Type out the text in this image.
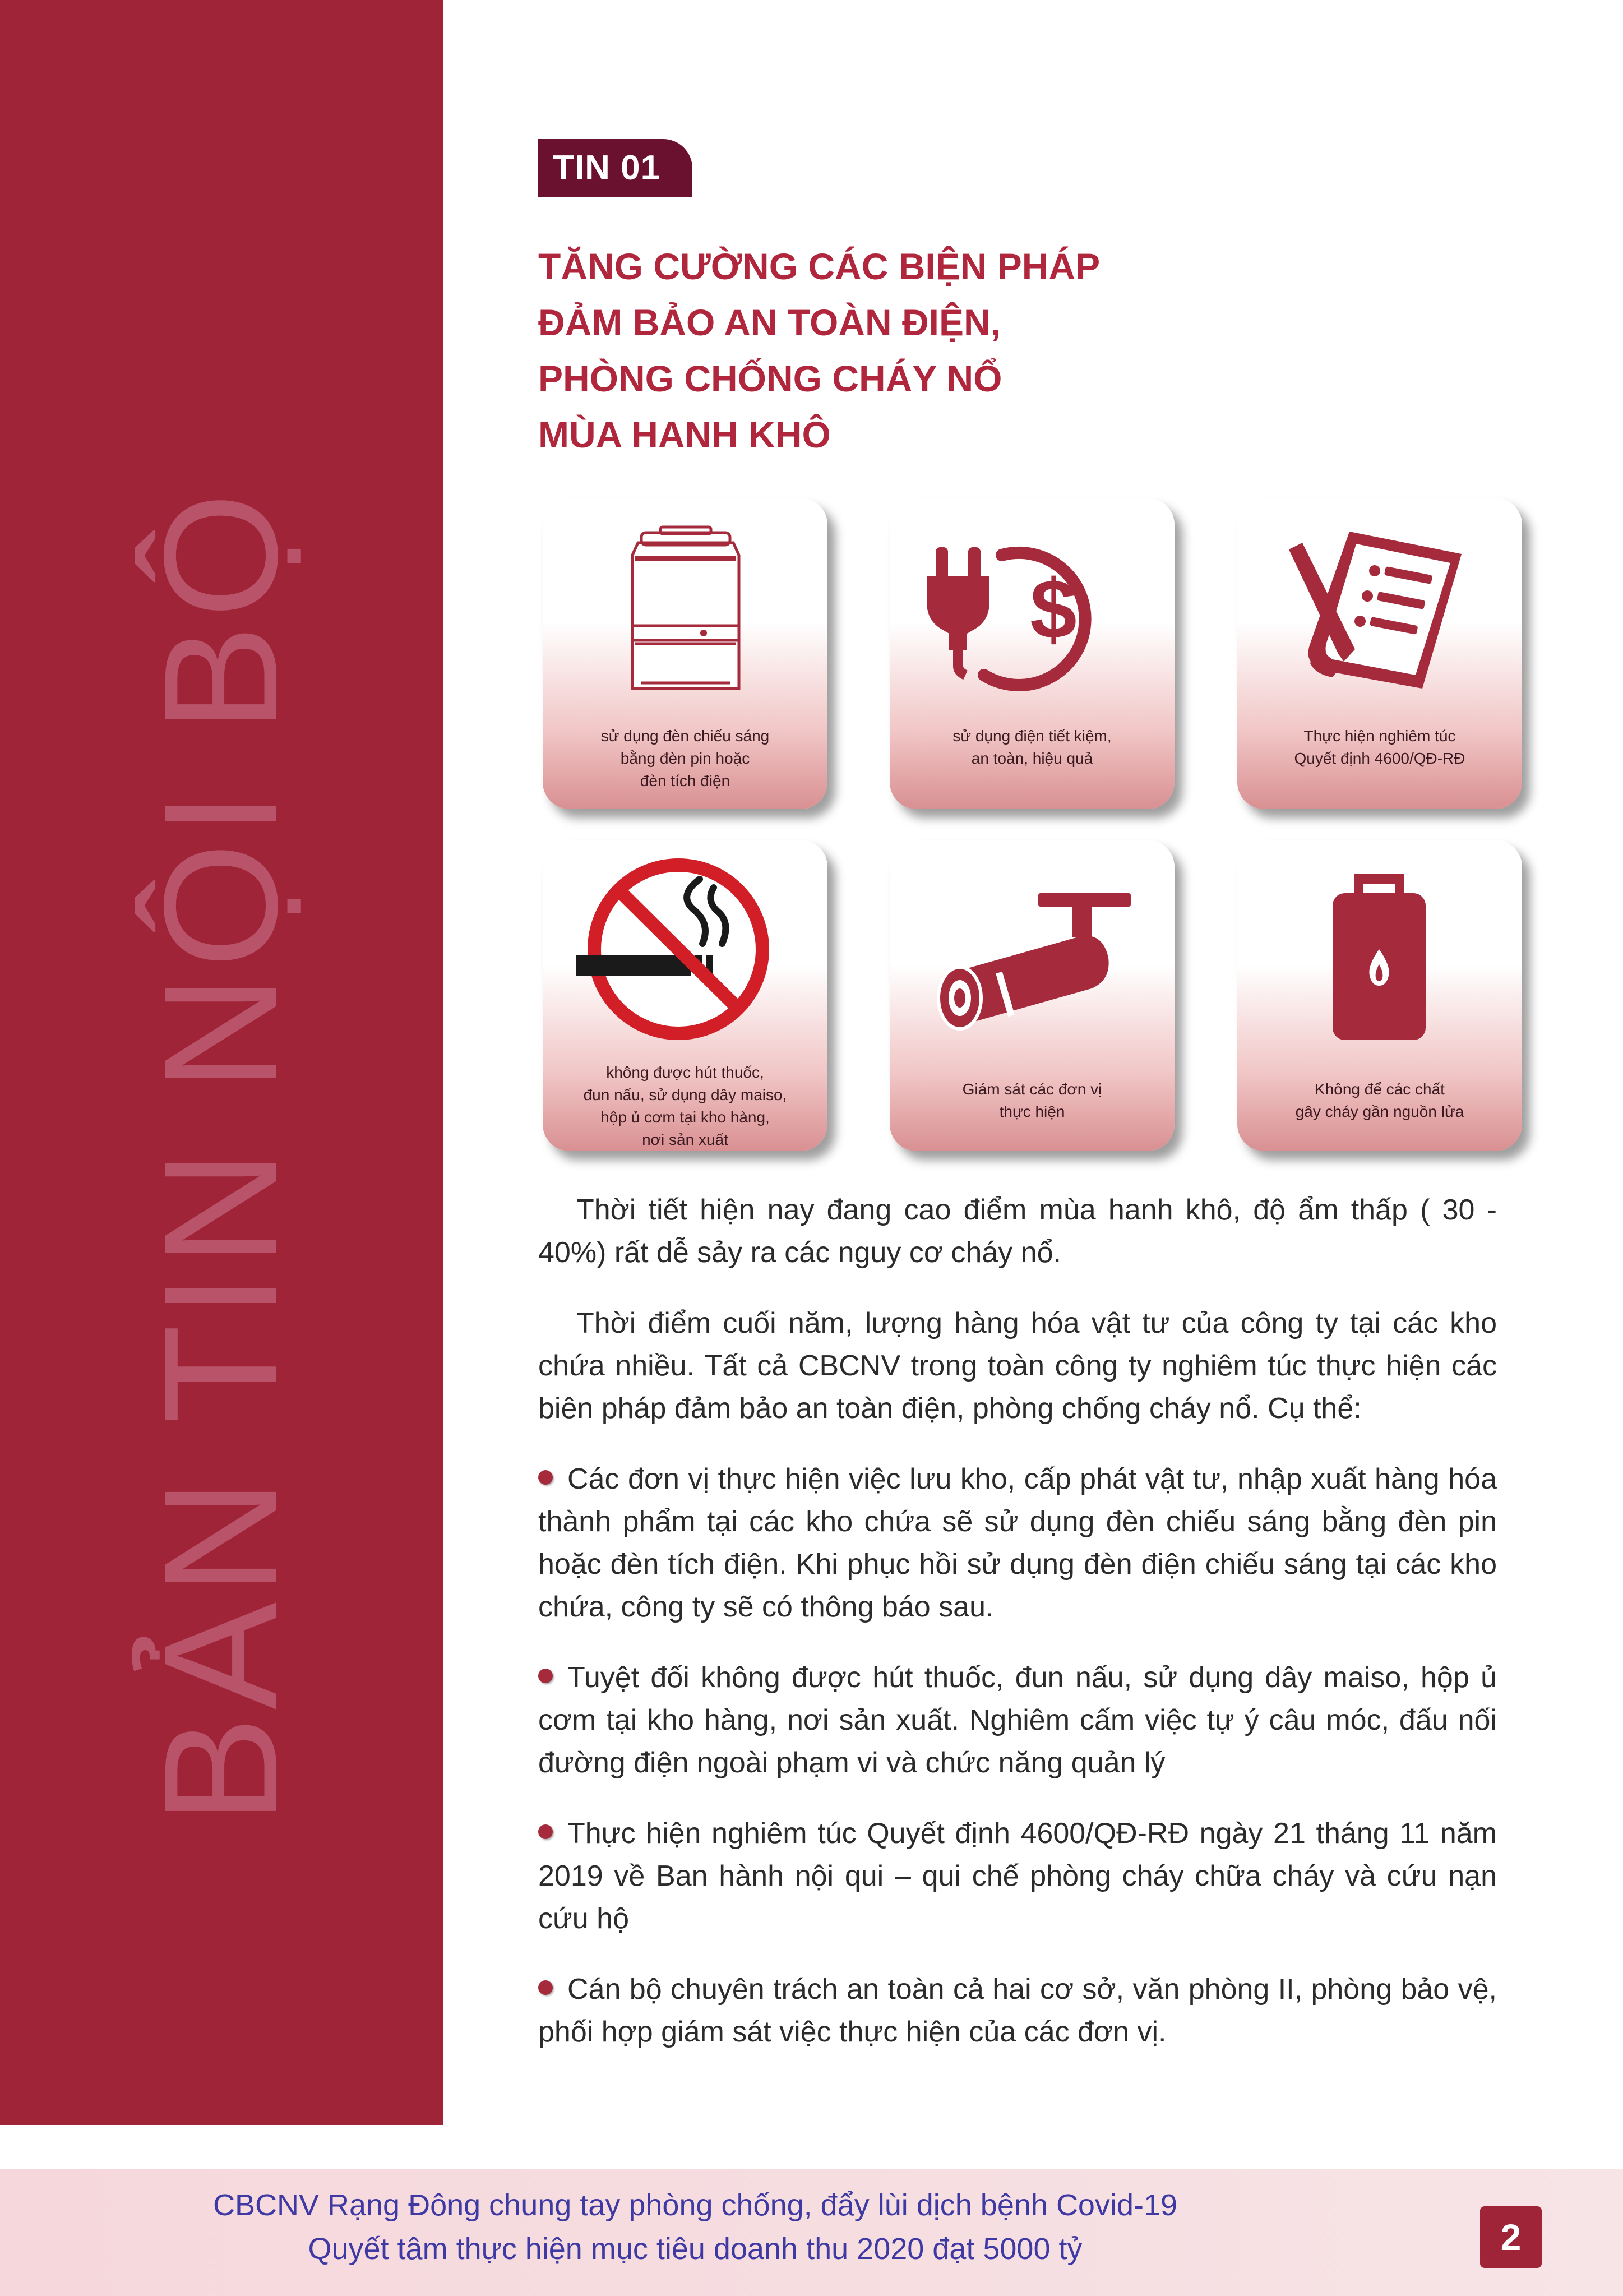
BẢN TIN NỘI BỘ
TIN 01
TĂNG CƯỜNG CÁC BIỆN PHÁP
ĐẢM BẢO AN TOÀN ĐIỆN,
PHÒNG CHỐNG CHÁY NỔ
MÙA HANH KHÔ
sử dụng đèn chiếu sáng
bằng đèn pin hoặc
đèn tích điện
$
sử dụng điện tiết kiệm,
an toàn, hiệu quả
Thực hiện nghiêm túc
Quyết định 4600/QĐ-RĐ
không được hút thuốc,
đun nấu, sử dụng dây maiso,
hộp ủ cơm tại kho hàng,
nơi sản xuất
Giám sát các đơn vị
thực hiện
Không để các chất
gây cháy gần nguồn lửa

Thời tiết hiện nay đang cao điểm mùa hanh khô, độ ẩm thấp ( 30 - 40%) rất dễ sảy ra các nguy cơ cháy nổ.

Thời điểm cuối năm, lượng hàng hóa vật tư của công ty tại các kho chứa nhiều. Tất cả CBCNV trong toàn công ty nghiêm túc thực hiện các biên pháp đảm bảo an toàn điện, phòng chống cháy nổ. Cụ thể:

Các đơn vị thực hiện việc lưu kho, cấp phát vật tư, nhập xuất hàng hóa thành phẩm tại các kho chứa sẽ sử dụng đèn chiếu sáng bằng đèn pin hoặc đèn tích điện. Khi phục hồi sử dụng đèn điện chiếu sáng tại các kho chứa, công ty sẽ có thông báo sau.

Tuyệt đối không được hút thuốc, đun nấu, sử dụng dây maiso, hộp ủ cơm tại kho hàng, nơi sản xuất. Nghiêm cấm việc tự ý câu móc, đấu nối đường điện ngoài phạm vi và chức năng quản lý

Thực hiện nghiêm túc Quyết định 4600/QĐ-RĐ ngày 21 tháng 11 năm 2019 về Ban hành nội qui – qui chế phòng cháy chữa cháy và cứu nạn cứu hộ

Cán bộ chuyên trách an toàn cả hai cơ sở, văn phòng II, phòng bảo vệ, phối hợp giám sát việc thực hiện của các đơn vị.

CBCNV Rạng Đông chung tay phòng chống, đẩy lùi dịch bệnh Covid-19
Quyết tâm thực hiện mục tiêu doanh thu 2020 đạt 5000 tỷ	2
